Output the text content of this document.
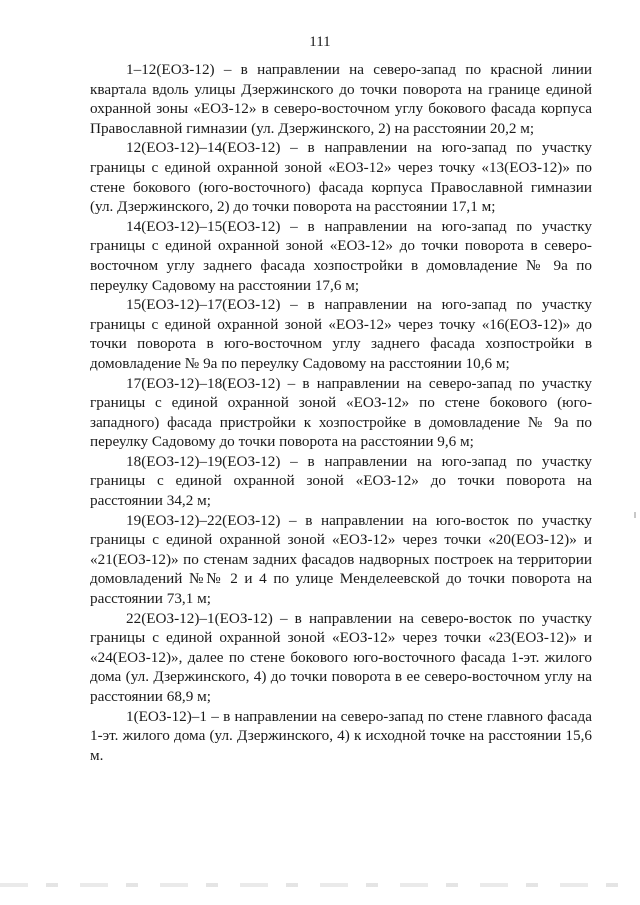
111

1–12(ЕОЗ-12) – в направлении на северо-запад по красной линии квартала вдоль улицы Дзержинского до точки поворота на границе единой охранной зоны «ЕОЗ-12» в северо-восточном углу бокового фасада корпуса Православной гимназии (ул. Дзержинского, 2) на расстоянии 20,2 м;

12(ЕОЗ-12)–14(ЕОЗ-12) – в направлении на юго-запад по участку границы с единой охранной зоной «ЕОЗ-12» через точку «13(ЕОЗ-12)» по стене бокового (юго-восточного) фасада корпуса Православной гимназии (ул. Дзержинского, 2) до точки поворота на расстоянии 17,1 м;

14(ЕОЗ-12)–15(ЕОЗ-12) – в направлении на юго-запад по участку границы с единой охранной зоной «ЕОЗ-12» до точки поворота в северо-восточном углу заднего фасада хозпостройки в домовладение № 9а по переулку Садовому на расстоянии 17,6 м;

15(ЕОЗ-12)–17(ЕОЗ-12) – в направлении на юго-запад по участку границы с единой охранной зоной «ЕОЗ-12» через точку «16(ЕОЗ-12)» до точки поворота в юго-восточном углу заднего фасада хозпостройки в домовладение № 9а по переулку Садовому на расстоянии 10,6 м;

17(ЕОЗ-12)–18(ЕОЗ-12) – в направлении на северо-запад по участку границы с единой охранной зоной «ЕОЗ-12» по стене бокового (юго-западного) фасада пристройки к хозпостройке в домовладение № 9а по переулку Садовому до точки поворота на расстоянии 9,6 м;

18(ЕОЗ-12)–19(ЕОЗ-12) – в направлении на юго-запад по участку границы с единой охранной зоной «ЕОЗ-12» до точки поворота на расстоянии 34,2 м;

19(ЕОЗ-12)–22(ЕОЗ-12) – в направлении на юго-восток по участку границы с единой охранной зоной «ЕОЗ-12» через точки «20(ЕОЗ-12)» и «21(ЕОЗ-12)» по стенам задних фасадов надворных построек на территории домовладений №№ 2 и 4 по улице Менделеевской до точки поворота на расстоянии 73,1 м;

22(ЕОЗ-12)–1(ЕОЗ-12) – в направлении на северо-восток по участку границы с единой охранной зоной «ЕОЗ-12» через точки «23(ЕОЗ-12)» и «24(ЕОЗ-12)», далее по стене бокового юго-восточного фасада 1-эт. жилого дома (ул. Дзержинского, 4) до точки поворота в ее северо-восточном углу на расстоянии 68,9 м;

1(ЕОЗ-12)–1 – в направлении на северо-запад по стене главного фасада 1-эт. жилого дома (ул. Дзержинского, 4) к исходной точке на расстоянии 15,6 м.
